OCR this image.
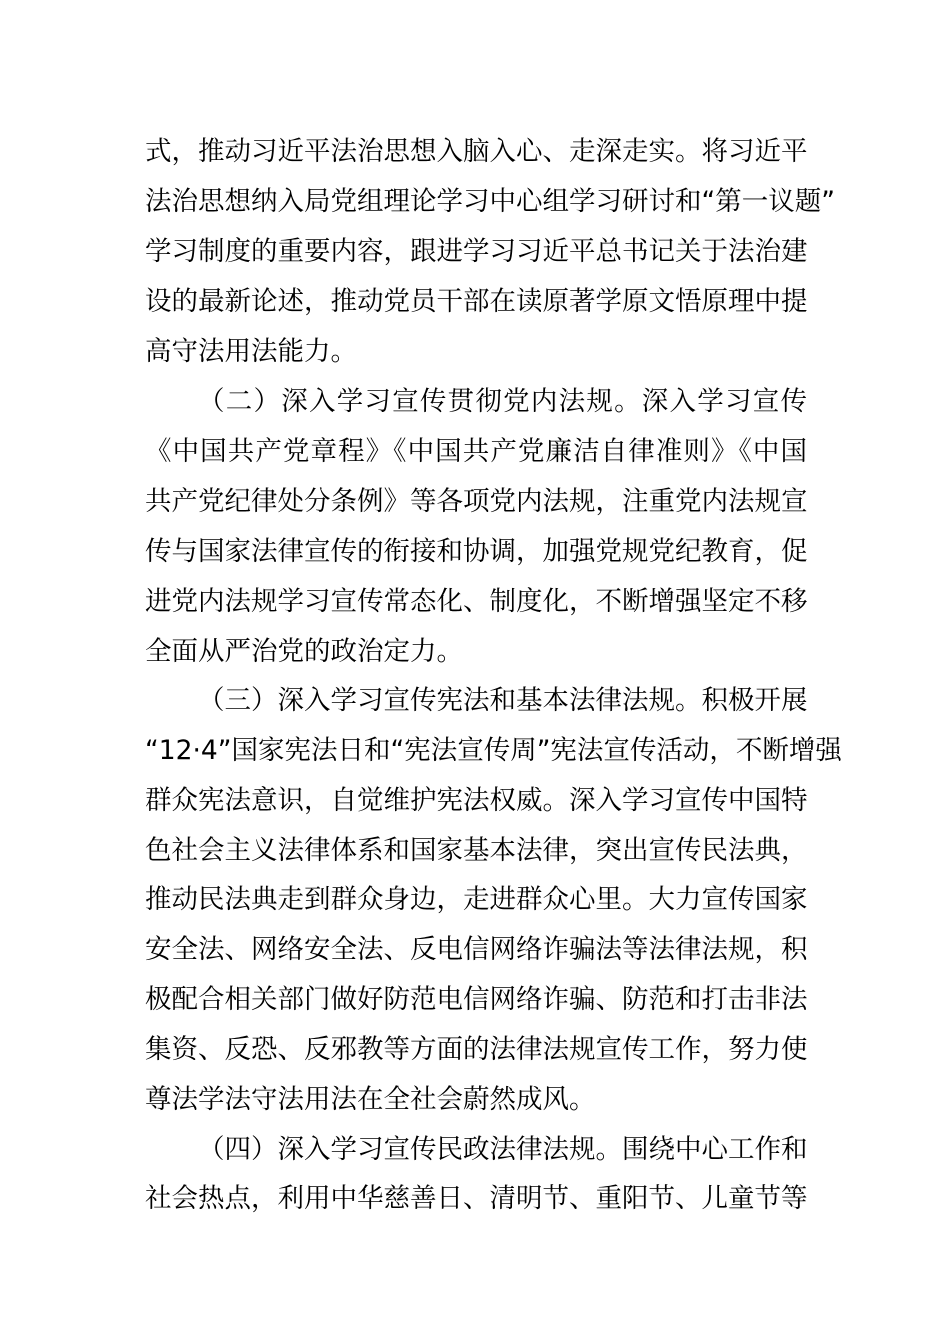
式，推动习近平法治思想入脑入心、走深走实。将习近平
法治思想纳入局党组理论学习中心组学习研讨和“第一议题”
学习制度的重要内容，跟进学习习近平总书记关于法治建
设的最新论述，推动党员干部在读原著学原文悟原理中提
高守法用法能力。
（二）深入学习宣传贯彻党内法规。深入学习宣传
《中国共产党章程》《中国共产党廉洁自律准则》《中国
共产党纪律处分条例》等各项党内法规，注重党内法规宣
传与国家法律宣传的衔接和协调，加强党规党纪教育，促
进党内法规学习宣传常态化、制度化，不断增强坚定不移
全面从严治党的政治定力。
（三）深入学习宣传宪法和基本法律法规。积极开展
“12·4”国家宪法日和“宪法宣传周”宪法宣传活动，不断增强
群众宪法意识，自觉维护宪法权威。深入学习宣传中国特
色社会主义法律体系和国家基本法律，突出宣传民法典，
推动民法典走到群众身边，走进群众心里。大力宣传国家
安全法、网络安全法、反电信网络诈骗法等法律法规，积
极配合相关部门做好防范电信网络诈骗、防范和打击非法
集资、反恐、反邪教等方面的法律法规宣传工作，努力使
尊法学法守法用法在全社会蔚然成风。
（四）深入学习宣传民政法律法规。围绕中心工作和
社会热点，利用中华慈善日、清明节、重阳节、儿童节等
